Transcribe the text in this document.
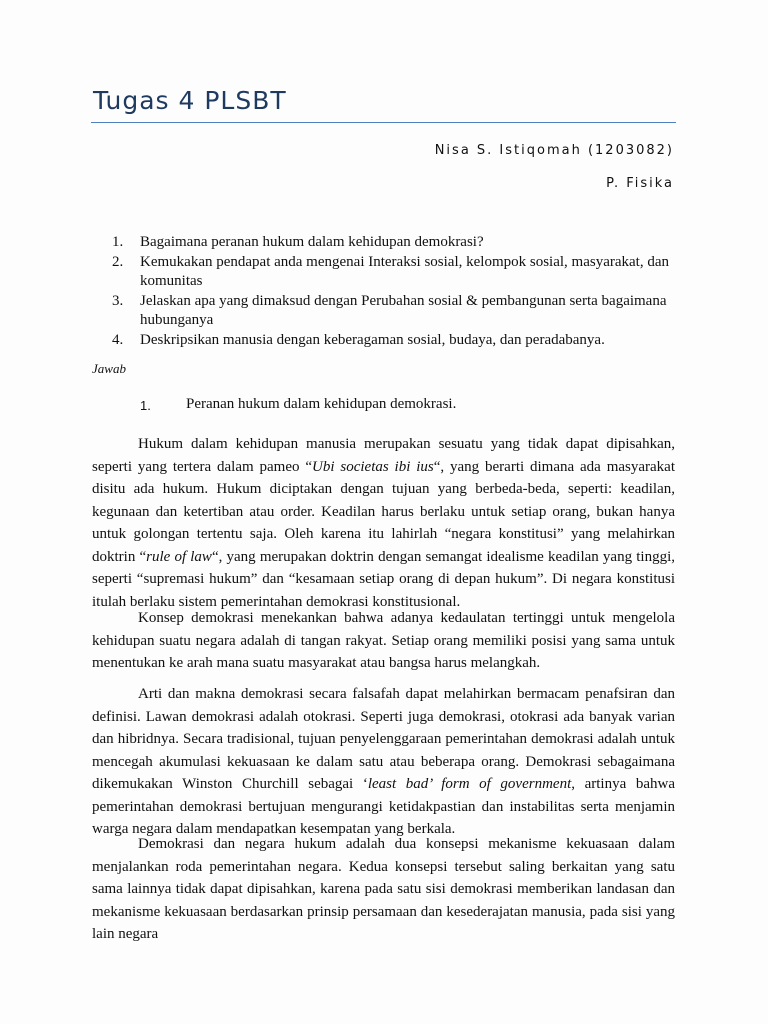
Tugas 4 PLSBT
Nisa S. Istiqomah (1203082)
P. Fisika
1.	Bagaimana peranan hukum dalam kehidupan demokrasi?
2.	Kemukakan pendapat anda mengenai Interaksi sosial, kelompok sosial, masyarakat, dan komunitas
3.	Jelaskan apa yang dimaksud dengan Perubahan sosial & pembangunan serta bagaimana hubunganya
4.	Deskripsikan manusia dengan keberagaman sosial, budaya, dan peradabanya.
Jawab
1.	Peranan hukum dalam kehidupan demokrasi.

Hukum dalam kehidupan manusia merupakan sesuatu yang tidak dapat dipisahkan, seperti yang tertera dalam pameo “Ubi societas ibi ius“, yang berarti dimana ada masyarakat disitu ada hukum. Hukum diciptakan dengan tujuan yang berbeda-beda, seperti: keadilan, kegunaan dan ketertiban atau order. Keadilan harus berlaku untuk setiap orang, bukan hanya untuk golongan tertentu saja. Oleh karena itu lahirlah “negara konstitusi” yang melahirkan doktrin “rule of law“, yang merupakan doktrin dengan semangat idealisme keadilan yang tinggi, seperti “supremasi hukum” dan “kesamaan setiap orang di depan hukum”. Di negara konstitusi itulah berlaku sistem pemerintahan demokrasi konstitusional.

Konsep demokrasi menekankan bahwa adanya kedaulatan tertinggi untuk mengelola kehidupan suatu negara adalah di tangan rakyat. Setiap orang memiliki posisi yang sama untuk menentukan ke arah mana suatu masyarakat atau bangsa harus melangkah.

Arti dan makna demokrasi secara falsafah dapat melahirkan bermacam penafsiran dan definisi. Lawan demokrasi adalah otokrasi. Seperti juga demokrasi, otokrasi ada banyak varian dan hibridnya. Secara tradisional, tujuan penyelenggaraan pemerintahan demokrasi adalah untuk mencegah akumulasi kekuasaan ke dalam satu atau beberapa orang. Demokrasi sebagaimana dikemukakan Winston Churchill sebagai ‘least bad’ form of government, artinya bahwa pemerintahan demokrasi bertujuan mengurangi ketidakpastian dan instabilitas serta menjamin warga negara dalam mendapatkan kesempatan yang berkala.

Demokrasi dan negara hukum adalah dua konsepsi mekanisme kekuasaan dalam menjalankan roda pemerintahan negara. Kedua konsepsi tersebut saling berkaitan yang satu sama lainnya tidak dapat dipisahkan, karena pada satu sisi demokrasi memberikan landasan dan mekanisme kekuasaan berdasarkan prinsip persamaan dan kesederajatan manusia, pada sisi yang lain negara
